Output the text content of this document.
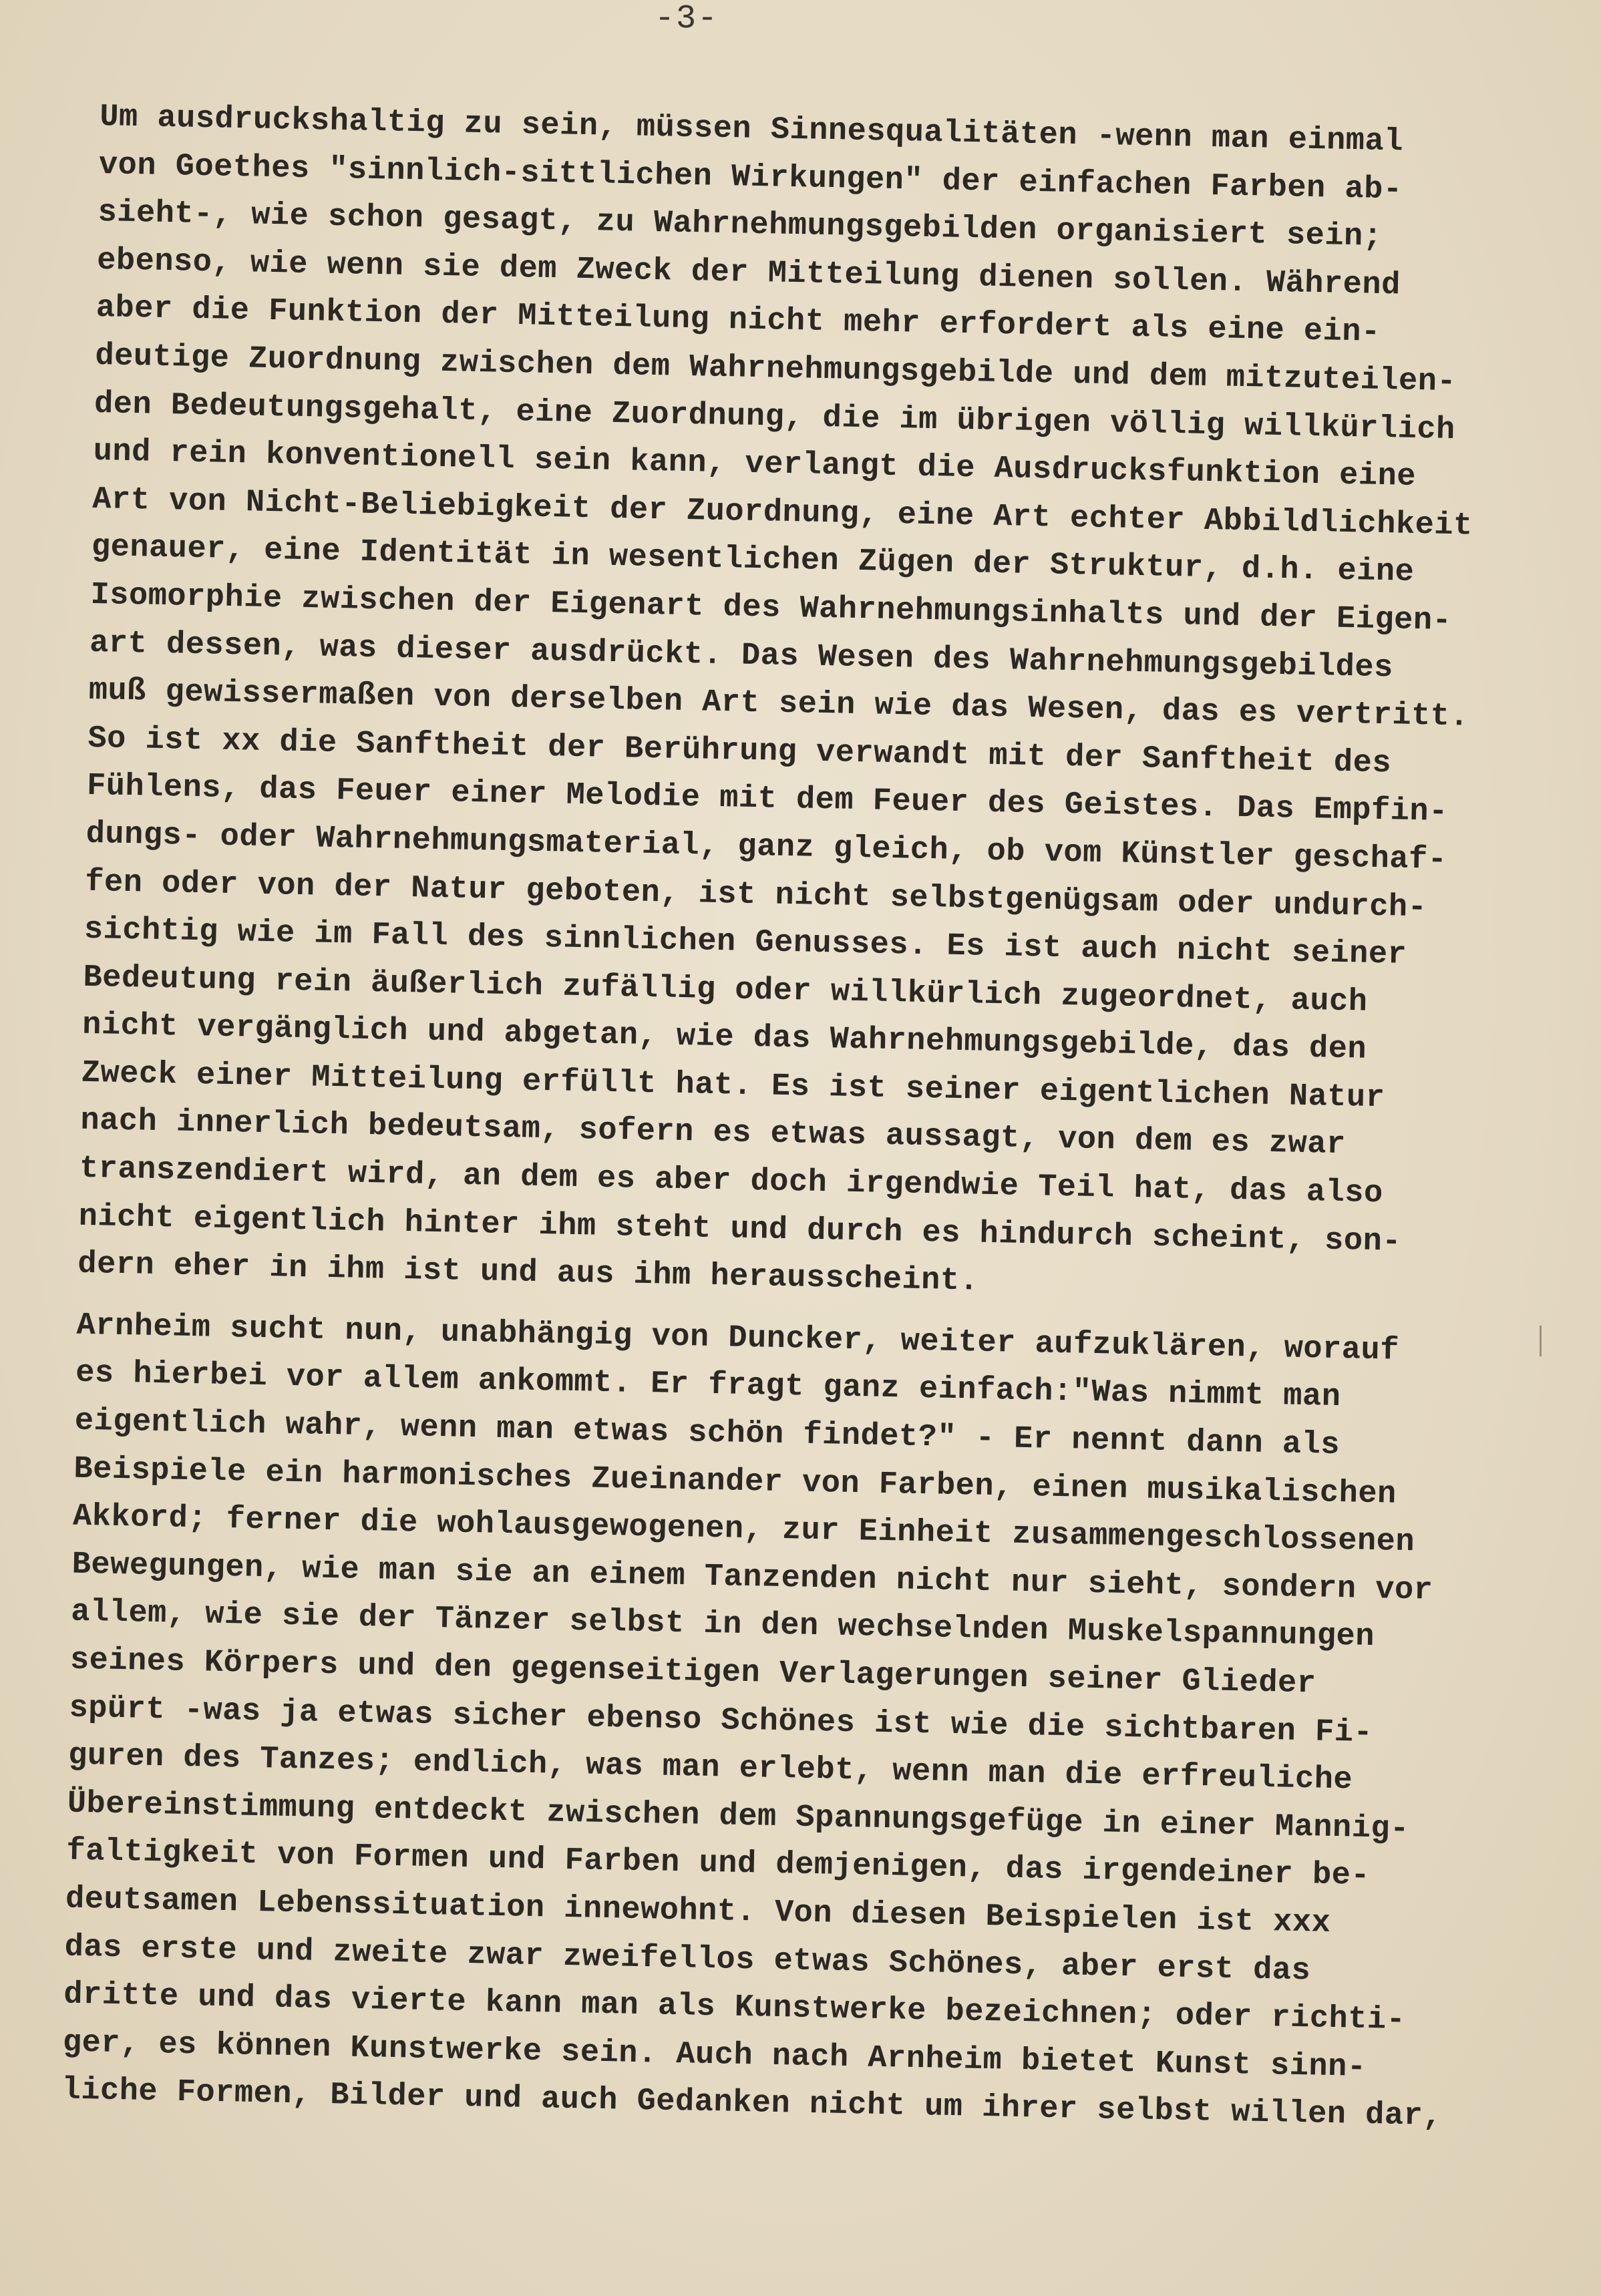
-3-

Um ausdruckshaltig zu sein, müssen Sinnesqualitäten -wenn man einmal
von Goethes "sinnlich-sittlichen Wirkungen" der einfachen Farben ab-
sieht-, wie schon gesagt, zu Wahrnehmungsgebilden organisiert sein;
ebenso, wie wenn sie dem Zweck der Mitteilung dienen sollen. Während
aber die Funktion der Mitteilung nicht mehr erfordert als eine ein-
deutige Zuordnung zwischen dem Wahrnehmungsgebilde und dem mitzuteilen-
den Bedeutungsgehalt, eine Zuordnung, die im übrigen völlig willkürlich
und rein konventionell sein kann, verlangt die Ausdrucksfunktion eine
Art von Nicht-Beliebigkeit der Zuordnung, eine Art echter Abbildlichkeit
genauer, eine Identität in wesentlichen Zügen der Struktur, d.h. eine
Isomorphie zwischen der Eigenart des Wahrnehmungsinhalts und der Eigen-
art dessen, was dieser ausdrückt. Das Wesen des Wahrnehmungsgebildes
muß gewissermaßen von derselben Art sein wie das Wesen, das es vertritt.
So ist xx die Sanftheit der Berührung verwandt mit der Sanftheit des
Fühlens, das Feuer einer Melodie mit dem Feuer des Geistes. Das Empfin-
dungs- oder Wahrnehmungsmaterial, ganz gleich, ob vom Künstler geschaf-
fen oder von der Natur geboten, ist nicht selbstgenügsam oder undurch-
sichtig wie im Fall des sinnlichen Genusses. Es ist auch nicht seiner
Bedeutung rein äußerlich zufällig oder willkürlich zugeordnet, auch
nicht vergänglich und abgetan, wie das Wahrnehmungsgebilde, das den
Zweck einer Mitteilung erfüllt hat. Es ist seiner eigentlichen Natur
nach innerlich bedeutsam, sofern es etwas aussagt, von dem es zwar
transzendiert wird, an dem es aber doch irgendwie Teil hat, das also
nicht eigentlich hinter ihm steht und durch es hindurch scheint, son-
dern eher in ihm ist und aus ihm herausscheint.

Arnheim sucht nun, unabhängig von Duncker, weiter aufzuklären, worauf
es hierbei vor allem ankommt. Er fragt ganz einfach:"Was nimmt man
eigentlich wahr, wenn man etwas schön findet?" - Er nennt dann als
Beispiele ein harmonisches Zueinander von Farben, einen musikalischen
Akkord; ferner die wohlausgewogenen, zur Einheit zusammengeschlossenen
Bewegungen, wie man sie an einem Tanzenden nicht nur sieht, sondern vor
allem, wie sie der Tänzer selbst in den wechselnden Muskelspannungen
seines Körpers und den gegenseitigen Verlagerungen seiner Glieder
spürt -was ja etwas sicher ebenso Schönes ist wie die sichtbaren Fi-
guren des Tanzes; endlich, was man erlebt, wenn man die erfreuliche
Übereinstimmung entdeckt zwischen dem Spannungsgefüge in einer Mannig-
faltigkeit von Formen und Farben und demjenigen, das irgendeiner be-
deutsamen Lebenssituation innewohnt. Von diesen Beispielen ist xxx
das erste und zweite zwar zweifellos etwas Schönes, aber erst das
dritte und das vierte kann man als Kunstwerke bezeichnen; oder richti-
ger, es können Kunstwerke sein. Auch nach Arnheim bietet Kunst sinn-
liche Formen, Bilder und auch Gedanken nicht um ihrer selbst willen dar,
